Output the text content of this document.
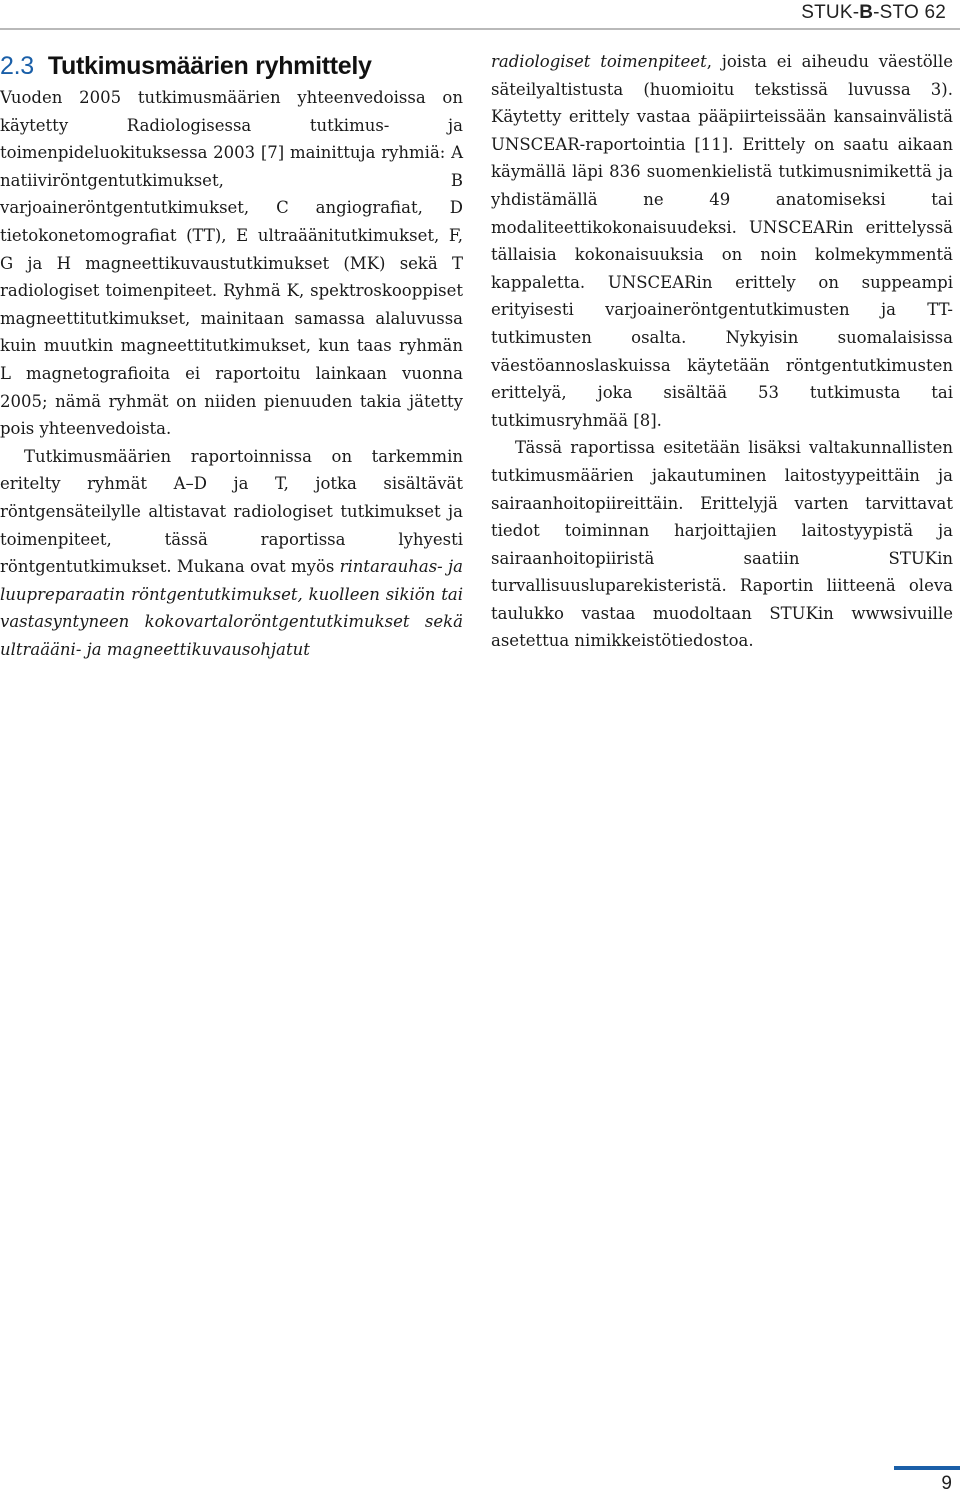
STUK-B-STO 62
2.3 Tutkimusmäärien ryhmittely

Vuoden 2005 tutkimusmäärien yhteenvedoissa on käytetty Radiologisessa tutkimus- ja toimenpideluokituksessa 2003 [7] mainittuja ryhmiä: A natiiviröntgentutkimukset, B varjoaineröntgentutkimukset, C angiografiat, D tietokonetomografiat (TT), E ultraäänitutkimukset, F, G ja H magneettikuvaustutkimukset (MK) sekä T radiologiset toimenpiteet. Ryhmä K, spektroskooppiset magneettitutkimukset, mainitaan samassa alaluvussa kuin muutkin magneettitutkimukset, kun taas ryhmän L magnetografioita ei raportoitu lainkaan vuonna 2005; nämä ryhmät on niiden pienuuden takia jätetty pois yhteenvedoista.

Tutkimusmäärien raportoinnissa on tarkemmin eritelty ryhmät A–D ja T, jotka sisältävät röntgensäteilylle altistavat radiologiset tutkimukset ja toimenpiteet, tässä raportissa lyhyesti röntgentutkimukset. Mukana ovat myös rintarauhas- ja luupreparaatin röntgentutkimukset, kuolleen sikiön tai vastasyntyneen kokovartaloröntgentutkimukset sekä ultraääni- ja magneettikuvausohjatut

radiologiset toimenpiteet, joista ei aiheudu väestölle säteilyaltistusta (huomioitu tekstissä luvussa 3). Käytetty erittely vastaa pääpiirteissään kansainvälistä UNSCEAR-raportointia [11]. Erittely on saatu aikaan käymällä läpi 836 suomenkielistä tutkimusnimikettä ja yhdistämällä ne 49 anatomiseksi tai modaliteettikokonaisuudeksi. UNSCEARin erittelyssä tällaisia kokonaisuuksia on noin kolmekymmentä kappaletta. UNSCEARin erittely on suppeampi erityisesti varjoaineröntgentutkimusten ja TT-tutkimusten osalta. Nykyisin suomalaisissa väestöannoslaskuissa käytetään röntgentutkimusten erittelyä, joka sisältää 53 tutkimusta tai tutkimusryhmää [8].

Tässä raportissa esitetään lisäksi valtakunnallisten tutkimusmäärien jakautuminen laitostyypeittäin ja sairaanhoitopiireittäin. Erittelyjä varten tarvittavat tiedot toiminnan harjoittajien laitostyypistä ja sairaanhoitopiiristä saatiin STUKin turvallisuusluparekisteristä. Raportin liitteenä oleva taulukko vastaa muodoltaan STUKin wwwsivuille asetettua nimikkeistötiedostoa.

9
